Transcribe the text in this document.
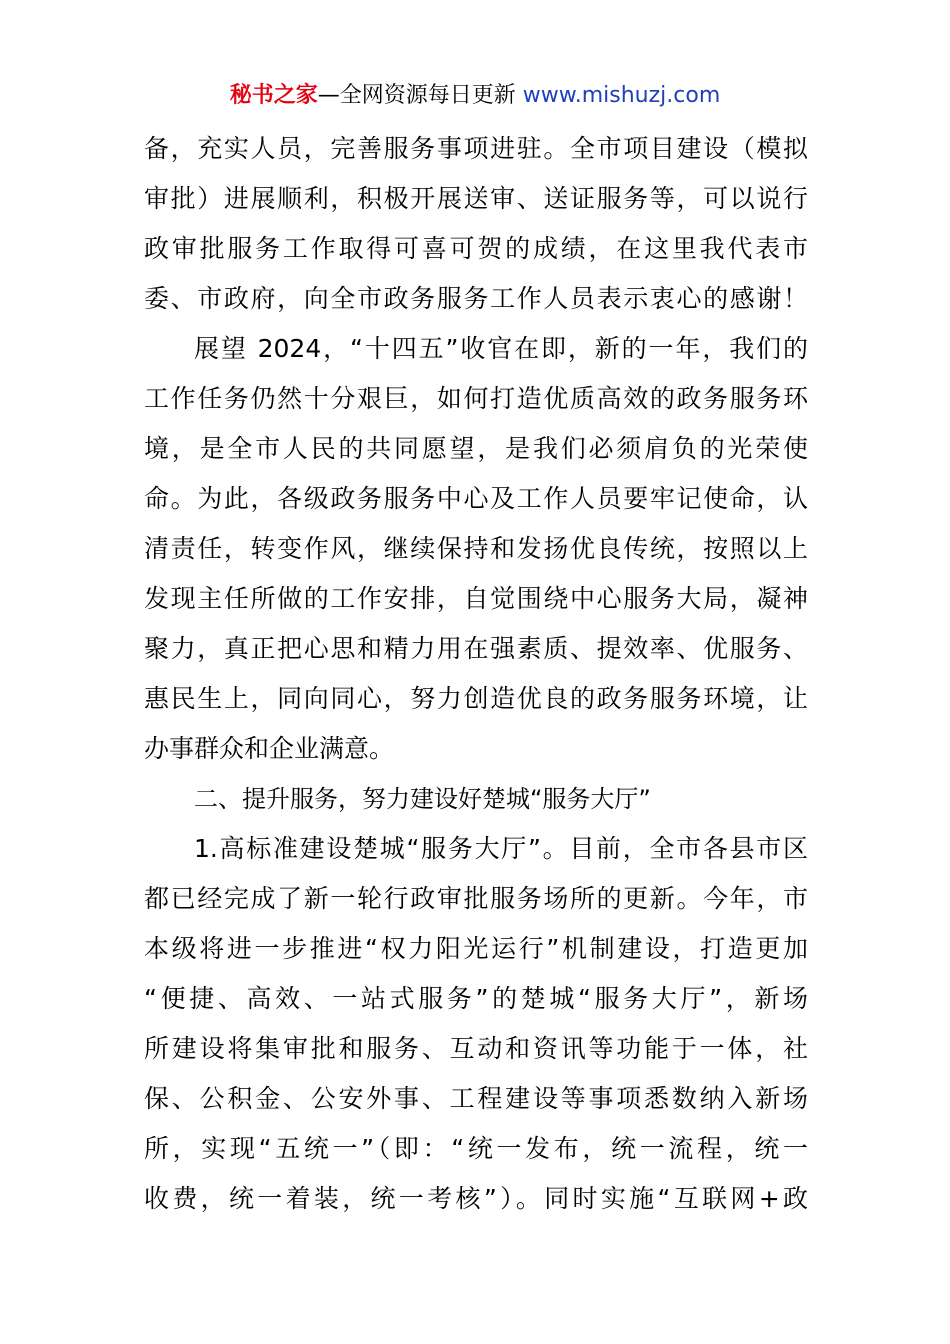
秘书之家—全网资源每日更新 www.mishuzj.com
备，充实人员，完善服务事项进驻。全市项目建设（模拟
审批）进展顺利，积极开展送审、送证服务等，可以说行
政审批服务工作取得可喜可贺的成绩，在这里我代表市
委、市政府，向全市政务服务工作人员表示衷心的感谢！
展望 2024，“十四五”收官在即，新的一年，我们的
工作任务仍然十分艰巨，如何打造优质高效的政务服务环
境，是全市人民的共同愿望，是我们必须肩负的光荣使
命。为此，各级政务服务中心及工作人员要牢记使命，认
清责任，转变作风，继续保持和发扬优良传统，按照以上
发现主任所做的工作安排，自觉围绕中心服务大局，凝神
聚力，真正把心思和精力用在强素质、提效率、优服务、
惠民生上，同向同心，努力创造优良的政务服务环境，让
办事群众和企业满意。
二、提升服务，努力建设好楚城“服务大厅”
1.高标准建设楚城“服务大厅”。目前，全市各县市区
都已经完成了新一轮行政审批服务场所的更新。今年，市
本级将进一步推进“权力阳光运行”机制建设，打造更加
“便捷、高效、一站式服务”的楚城“服务大厅”，新场
所建设将集审批和服务、互动和资讯等功能于一体，社
保、公积金、公安外事、工程建设等事项悉数纳入新场
所，实现“五统一”（即：“统一发布，统一流程，统一
收费，统一着装，统一考核”）。同时实施“互联网+政
